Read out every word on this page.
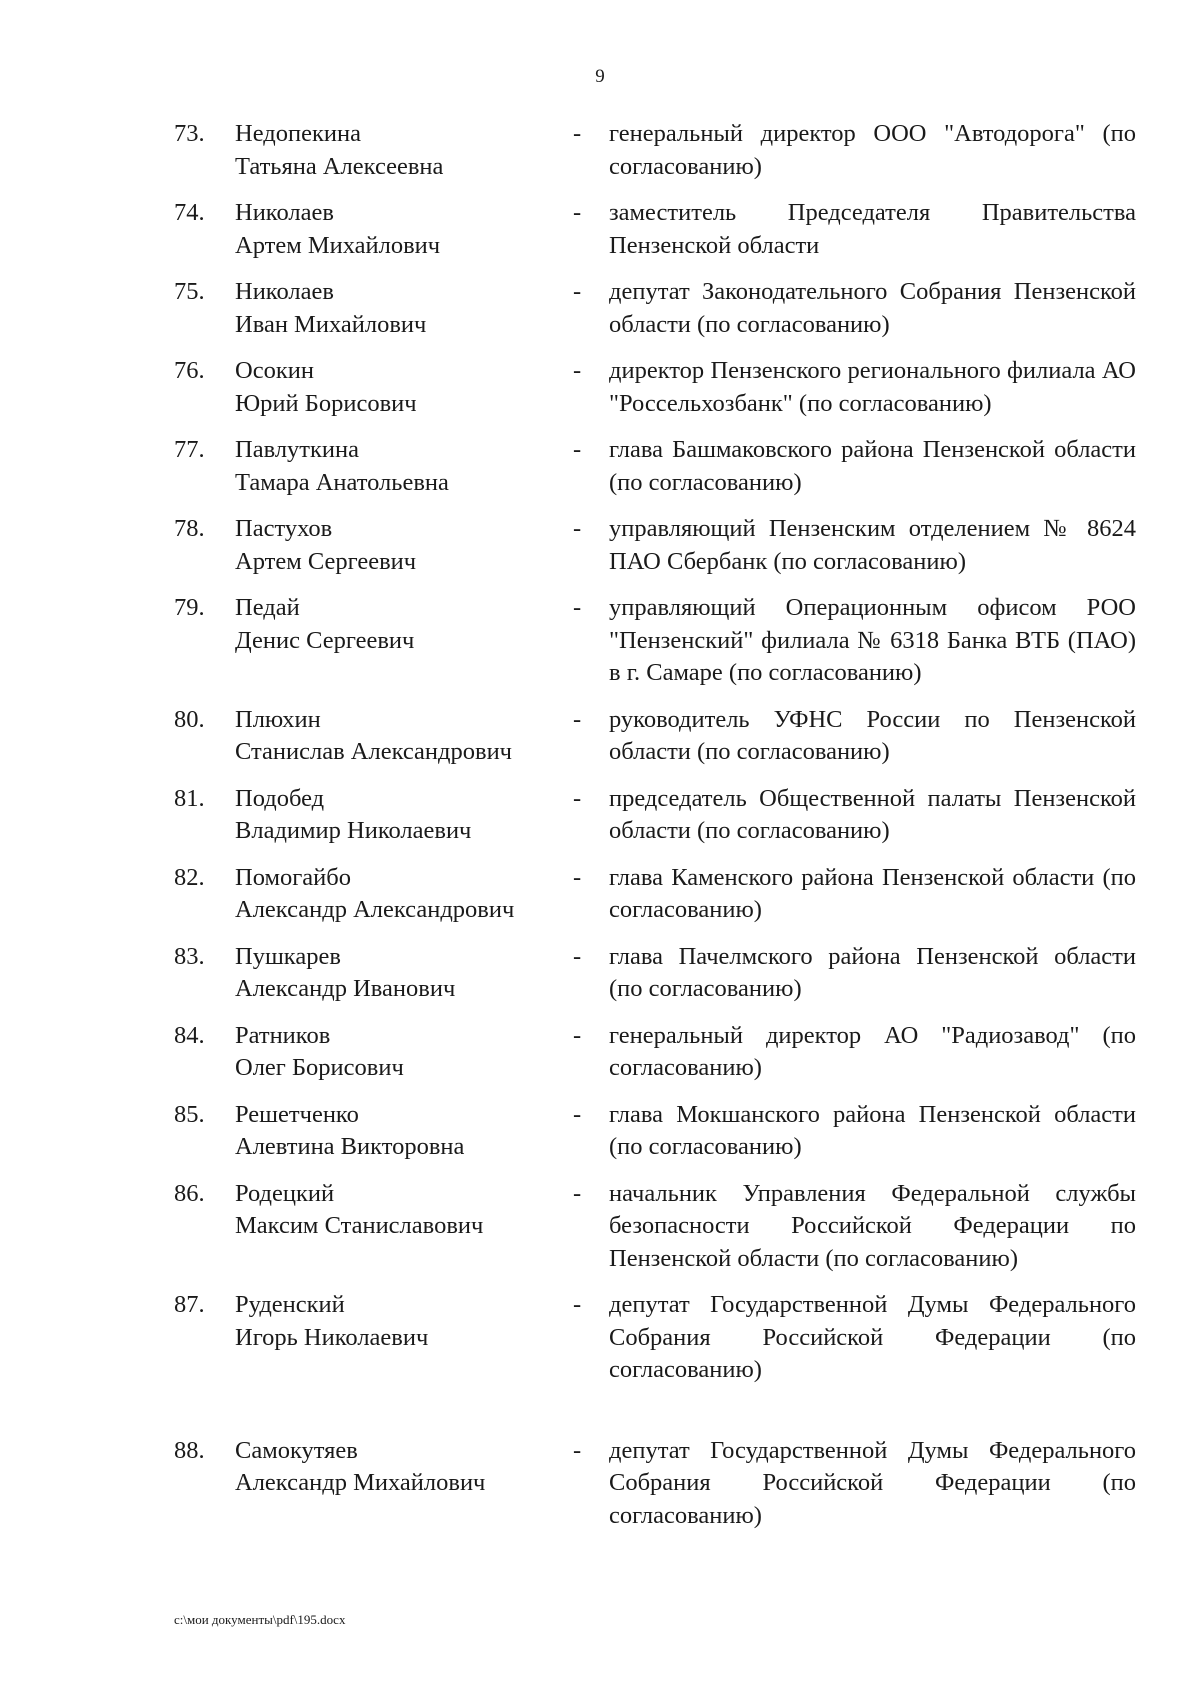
9
73.	Недопекина
Татьяна Алексеевна
-	генеральный директор ООО "Автодорога" (по согласованию)
74.	Николаев
Артем Михайлович
-	заместитель Председателя Правительства Пензенской области
75.	Николаев
Иван Михайлович
-	депутат Законодательного Собрания Пензенской области (по согласованию)
76.	Осокин
Юрий Борисович
-	директор Пензенского регионального филиала АО "Россельхозбанк" (по согласованию)
77.	Павлуткина
Тамара Анатольевна
-	глава Башмаковского района Пензенской области (по согласованию)
78.	Пастухов
Артем Сергеевич
-	управляющий Пензенским отделением № 8624 ПАО Сбербанк (по согласованию)
79.	Педай
Денис Сергеевич
-	управляющий Операционным офисом РОО "Пензенский" филиала № 6318 Банка ВТБ (ПАО) в г. Самаре (по согласованию)
80.	Плюхин
Станислав Александрович
-	руководитель УФНС России по Пензенской области (по согласованию)
81.	Подобед
Владимир Николаевич
-	председатель Общественной палаты Пензенской области (по согласованию)
82.	Помогайбо
Александр Александрович
-	глава Каменского района Пензенской области (по согласованию)
83.	Пушкарев
Александр Иванович
-	глава Пачелмского района Пензенской области (по согласованию)
84.	Ратников
Олег Борисович
-	генеральный директор АО "Радиозавод" (по согласованию)
85.	Решетченко
Алевтина Викторовна
-	глава Мокшанского района Пензенской области (по согласованию)
86.	Родецкий
Максим Станиславович
-	начальник Управления Федеральной службы безопасности Российской Федерации по Пензенской области (по согласованию)
87.	Руденский
Игорь Николаевич
-	депутат Государственной Думы Федерального Собрания Российской Федерации (по согласованию)
88.	Самокутяев
Александр Михайлович
-	депутат Государственной Думы Федерального Собрания Российской Федерации (по согласованию)
c:\мои документы\pdf\195.docx
